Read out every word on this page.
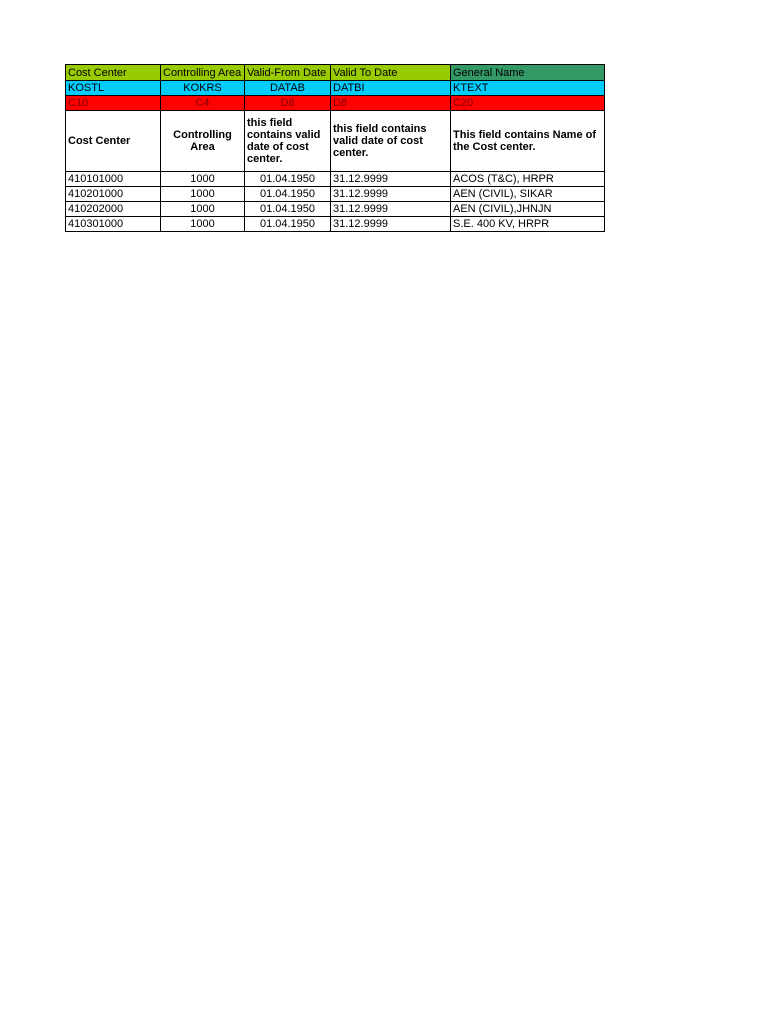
Cost Center	Controlling Area	Valid-From Date	Valid To Date	General Name
KOSTL	KOKRS	DATAB	DATBI	KTEXT
C10	C4	D8	D8	C20
Cost Center	Controlling Area	this field contains valid date of cost center.	this field contains valid date of cost center.	This field contains Name of the Cost center.
410101000	1000	01.04.1950	31.12.9999	ACOS (T&C), HRPR
410201000	1000	01.04.1950	31.12.9999	AEN (CIVIL), SIKAR
410202000	1000	01.04.1950	31.12.9999	AEN (CIVIL),JHNJN
410301000	1000	01.04.1950	31.12.9999	S.E. 400 KV, HRPR
